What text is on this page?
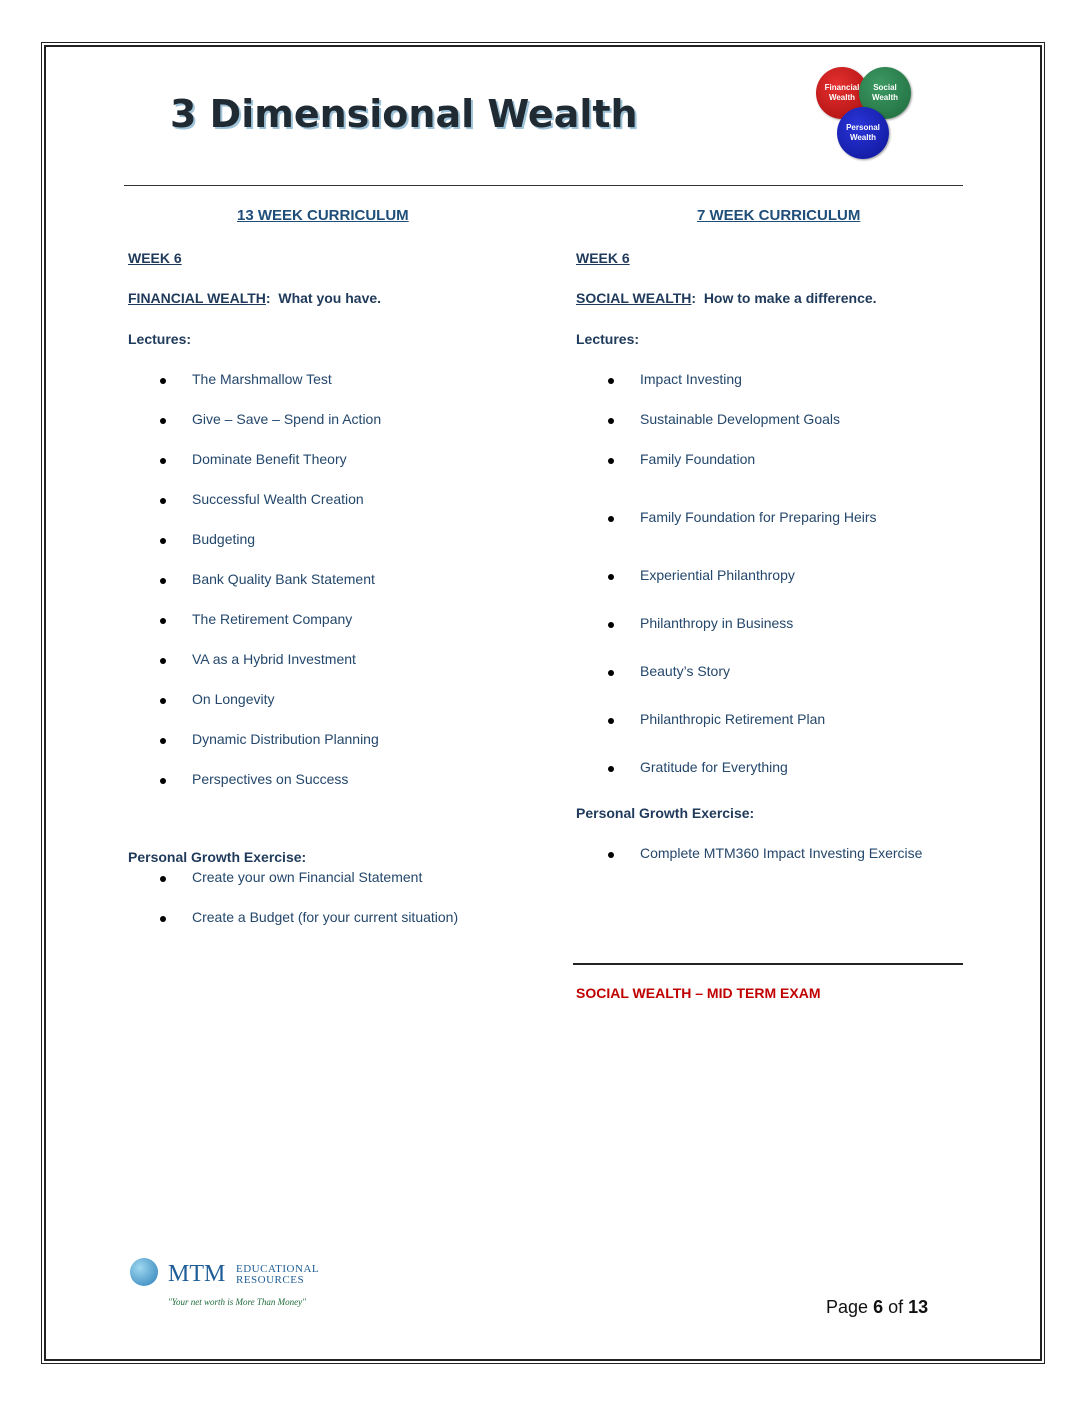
3 Dimensional Wealth
Financial Wealth
Social Wealth
Personal Wealth
13 WEEK CURRICULUM
WEEK 6
FINANCIAL WEALTH:  What you have.
Lectures:
The Marshmallow Test
Give – Save – Spend in Action
Dominate Benefit Theory
Successful Wealth Creation
Budgeting
Bank Quality Bank Statement
The Retirement Company
VA as a Hybrid Investment
On Longevity
Dynamic Distribution Planning
Perspectives on Success
Personal Growth Exercise:
Create your own Financial Statement
Create a Budget (for your current situation)
7 WEEK CURRICULUM
WEEK 6
SOCIAL WEALTH:  How to make a difference.
Lectures:
Impact Investing
Sustainable Development Goals
Family Foundation
Family Foundation for Preparing Heirs
Experiential Philanthropy
Philanthropy in Business
Beauty’s Story
Philanthropic Retirement Plan
Gratitude for Everything
Personal Growth Exercise:
Complete MTM360 Impact Investing Exercise
SOCIAL WEALTH – MID TERM EXAM
MTM EDUCATIONAL
RESOURCES
"Your net worth is More Than Money"	Page 6 of 13
